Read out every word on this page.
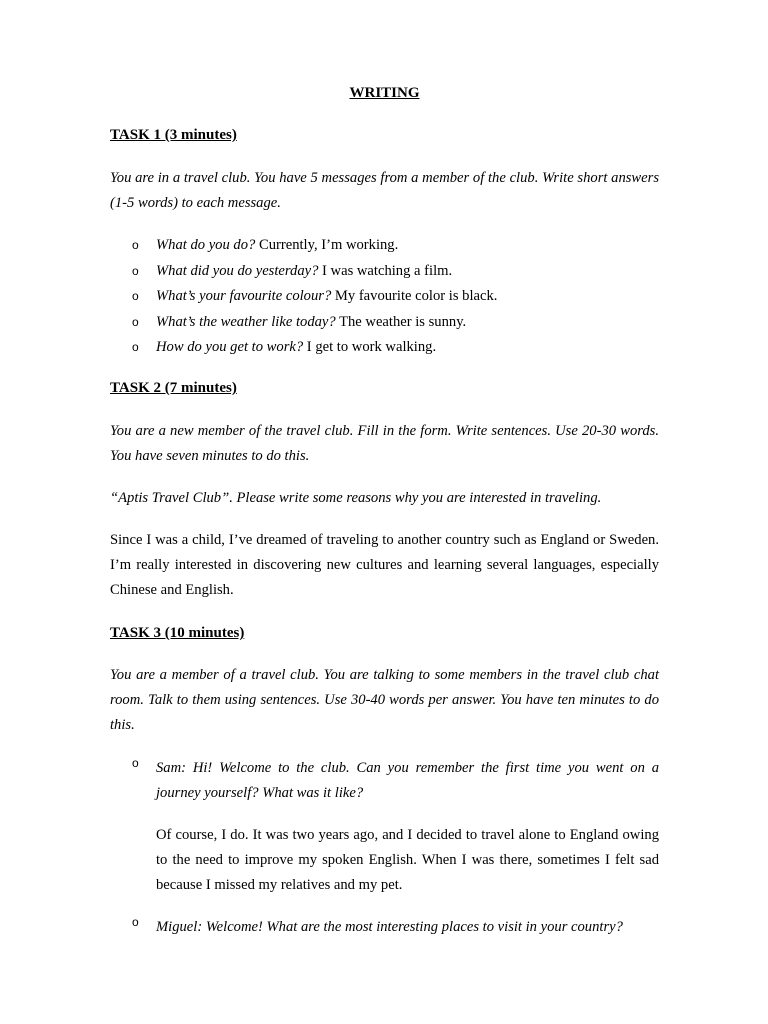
WRITING
TASK 1 (3 minutes)
You are in a travel club. You have 5 messages from a member of the club. Write short answers (1-5 words) to each message.
o What do you do? Currently, I’m working.
o What did you do yesterday? I was watching a film.
o What’s your favourite colour? My favourite color is black.
o What’s the weather like today? The weather is sunny.
o How do you get to work? I get to work walking.
TASK 2 (7 minutes)
You are a new member of the travel club. Fill in the form. Write sentences. Use 20-30 words. You have seven minutes to do this.
“Aptis Travel Club”. Please write some reasons why you are interested in traveling.
Since I was a child, I’ve dreamed of traveling to another country such as England or Sweden. I’m really interested in discovering new cultures and learning several languages, especially Chinese and English.
TASK 3 (10 minutes)
You are a member of a travel club. You are talking to some members in the travel club chat room. Talk to them using sentences. Use 30-40 words per answer. You have ten minutes to do this.
o Sam: Hi! Welcome to the club. Can you remember the first time you went on a journey yourself? What was it like?
Of course, I do. It was two years ago, and I decided to travel alone to England owing to the need to improve my spoken English. When I was there, sometimes I felt sad because I missed my relatives and my pet.
o Miguel: Welcome! What are the most interesting places to visit in your country?
